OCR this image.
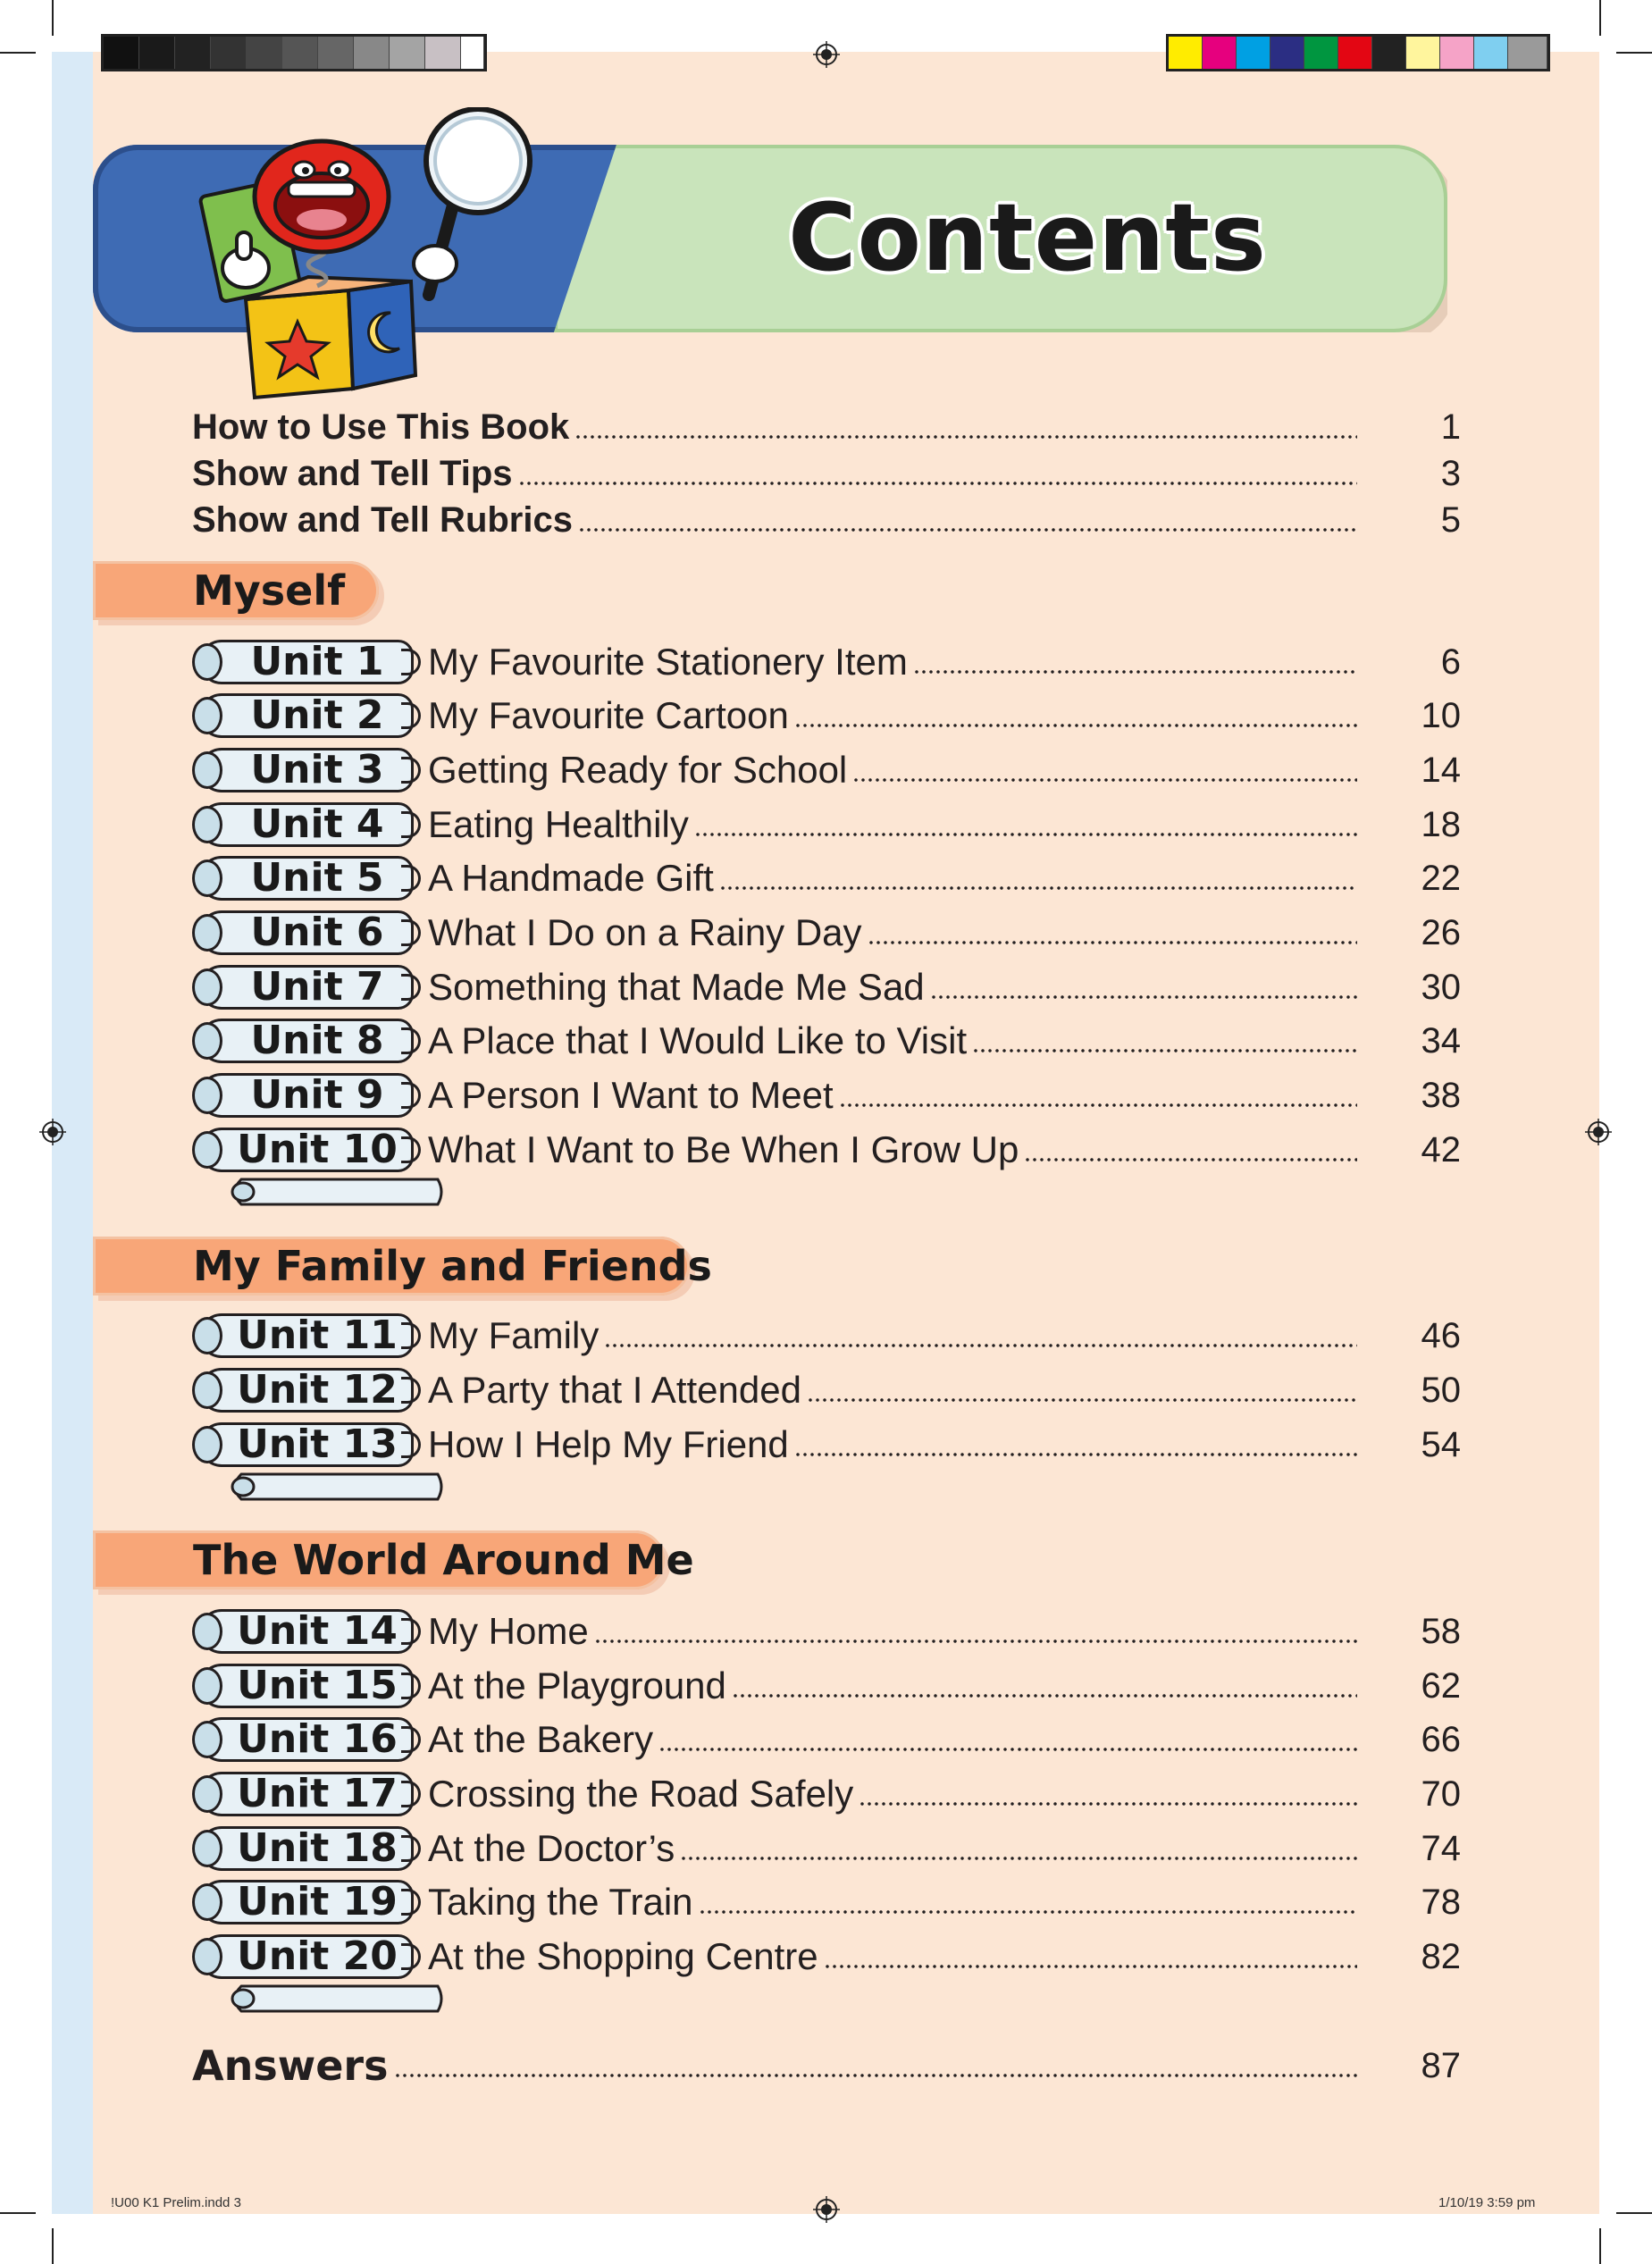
Contents
How to Use This Book	1
Show and Tell Tips	3
Show and Tell Rubrics	5
Myself
Unit 1	My Favourite Stationery Item	6
Unit 2	My Favourite Cartoon	10
Unit 3	Getting Ready for School	14
Unit 4	Eating Healthily	18
Unit 5	A Handmade Gift	22
Unit 6	What I Do on a Rainy Day	26
Unit 7	Something that Made Me Sad	30
Unit 8	A Place that I Would Like to Visit	34
Unit 9	A Person I Want to Meet	38
Unit 10 What I Want to Be When I Grow Up	42
My Family and Friends
Unit 11 My Family	46
Unit 12 A Party that I Attended	50
Unit 13 How I Help My Friend	54
The World Around Me
Unit 14 My Home	58
Unit 15 At the Playground	62
Unit 16 At the Bakery	66
Unit 17 Crossing the Road Safely	70
Unit 18 At the Doctor’s	74
Unit 19 Taking the Train	78
Unit 20 At the Shopping Centre	82
Answers	87
!U00 K1 Prelim.indd 3	1/10/19 3:59 pm
